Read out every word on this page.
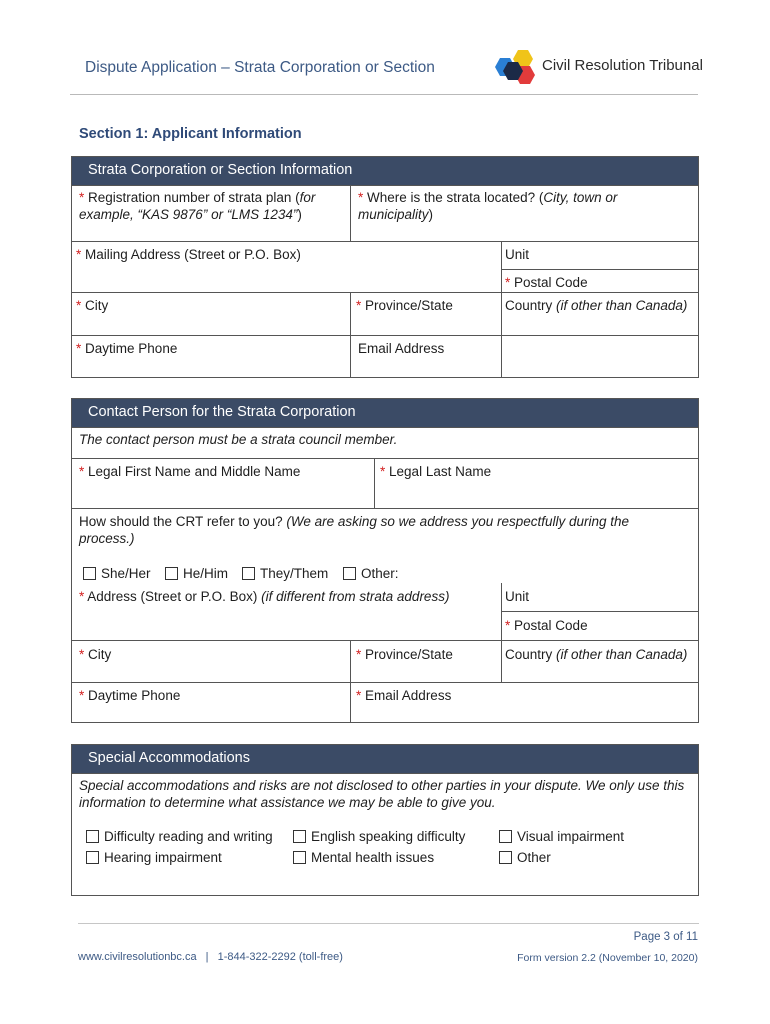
Dispute Application – Strata Corporation or Section	Civil Resolution Tribunal
Section 1: Applicant Information
Strata Corporation or Section Information
* Registration number of strata plan (for example, “KAS 9876” or “LMS 1234”)
* Where is the strata located? (City, town or municipality)
* Mailing Address (Street or P.O. Box)	Unit
* Postal Code
* City	* Province/State	Country (if other than Canada)
* Daytime Phone	Email Address
Contact Person for the Strata Corporation
The contact person must be a strata council member.
* Legal First Name and Middle Name	* Legal Last Name
How should the CRT refer to you? (We are asking so we address you respectfully during the process.)
She/Her	He/Him	They/Them	Other:
* Address (Street or P.O. Box) (if different from strata address)	Unit
* Postal Code
* City	* Province/State	Country (if other than Canada)
* Daytime Phone	* Email Address
Special Accommodations
Special accommodations and risks are not disclosed to other parties in your dispute. We only use this information to determine what assistance we may be able to give you.
Difficulty reading and writing	English speaking difficulty	Visual impairment
Hearing impairment	Mental health issues	Other
Page 3 of 11
www.civilresolutionbc.ca | 1-844-322-2292 (toll-free)	Form version 2.2 (November 10, 2020)
